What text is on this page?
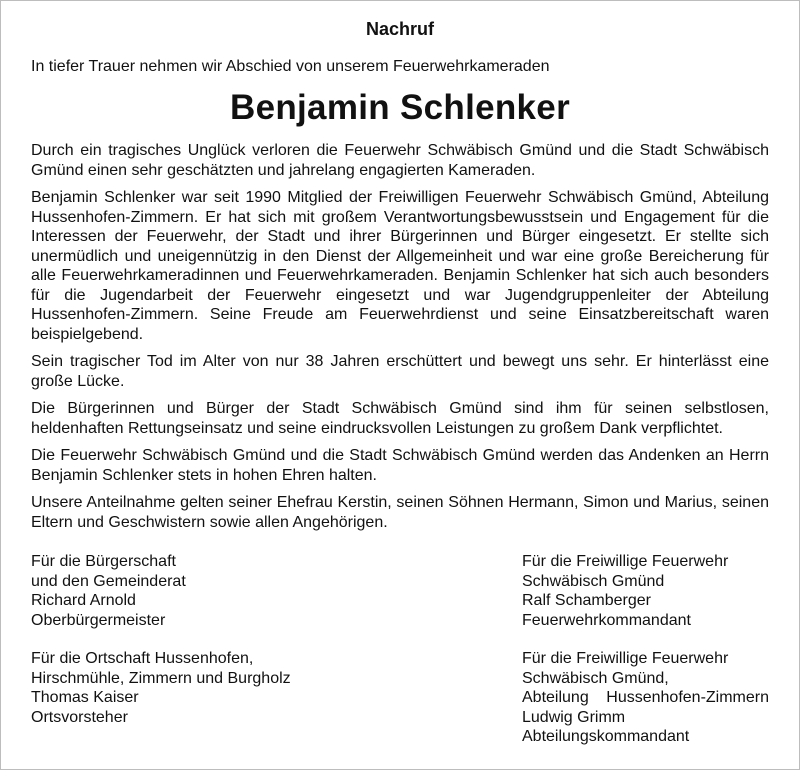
Nachruf
In tiefer Trauer nehmen wir Abschied von unserem Feuerwehrkameraden
Benjamin Schlenker

Durch ein tragisches Unglück verloren die Feuerwehr Schwäbisch Gmünd und die Stadt Schwäbisch Gmünd einen sehr geschätzten und jahrelang engagierten Kameraden.

Benjamin Schlenker war seit 1990 Mitglied der Freiwilligen Feuerwehr Schwäbisch Gmünd, Abteilung Hussenhofen-Zimmern. Er hat sich mit großem Verantwortungsbewusstsein und Engagement für die Interessen der Feuerwehr, der Stadt und ihrer Bürgerinnen und Bürger eingesetzt. Er stellte sich unermüdlich und uneigennützig in den Dienst der Allgemeinheit und war eine große Bereicherung für alle Feuerwehrkameradinnen und Feuerwehrkameraden. Benjamin Schlenker hat sich auch besonders für die Jugendarbeit der Feuerwehr eingesetzt und war Jugendgruppenleiter der Abteilung Hussenhofen-Zimmern. Seine Freude am Feuerwehrdienst und seine Einsatzbereitschaft waren beispielgebend.

Sein tragischer Tod im Alter von nur 38 Jahren erschüttert und bewegt uns sehr. Er hinterlässt eine große Lücke.

Die Bürgerinnen und Bürger der Stadt Schwäbisch Gmünd sind ihm für seinen selbstlosen, heldenhaften Rettungseinsatz und seine eindrucksvollen Leistungen zu großem Dank verpflichtet.

Die Feuerwehr Schwäbisch Gmünd und die Stadt Schwäbisch Gmünd werden das Andenken an Herrn Benjamin Schlenker stets in hohen Ehren halten.

Unsere Anteilnahme gelten seiner Ehefrau Kerstin, seinen Söhnen Hermann, Simon und Marius, seinen Eltern und Geschwistern sowie allen Angehörigen.

Für die Bürgerschaft
und den Gemeinderat
Richard Arnold
Oberbürgermeister
Für die Ortschaft Hussenhofen,
Hirschmühle, Zimmern und Burgholz
Thomas Kaiser
Ortsvorsteher
Für die Freiwillige Feuerwehr
Schwäbisch Gmünd
Ralf Schamberger
Feuerwehrkommandant
Für die Freiwillige Feuerwehr
Schwäbisch Gmünd,
Abteilung Hussenhofen-Zimmern
Ludwig Grimm
Abteilungskommandant
